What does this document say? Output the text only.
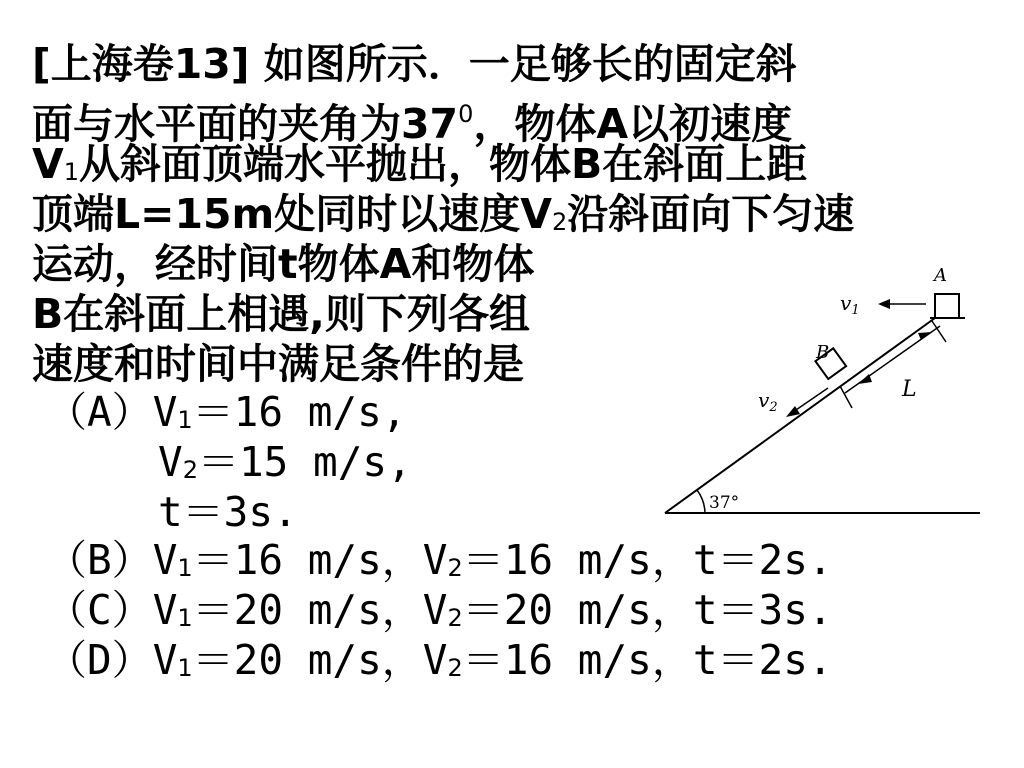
[上海卷13] 如图所示．一足够长的固定斜
面与水平面的夹角为$37^0$，物体A以初速度
V1从斜面顶端水平抛出，物体B在斜面上距
顶端L=15m处同时以速度V2沿斜面向下匀速
运动，经时间t物体A和物体
B在斜面上相遇,则下列各组
速度和时间中满足条件的是
（A）V1＝16 m/s,
V2＝15 m/s,
t＝3s.
（B）V1＝16 m/s，V2＝16 m/s，t＝2s.
（C）V1＝20 m/s，V2＝20 m/s，t＝3s.
（D）V1＝20 m/s，V2＝16 m/s，t＝2s.
A
$v_1$
B
$v_2$
L
37°
